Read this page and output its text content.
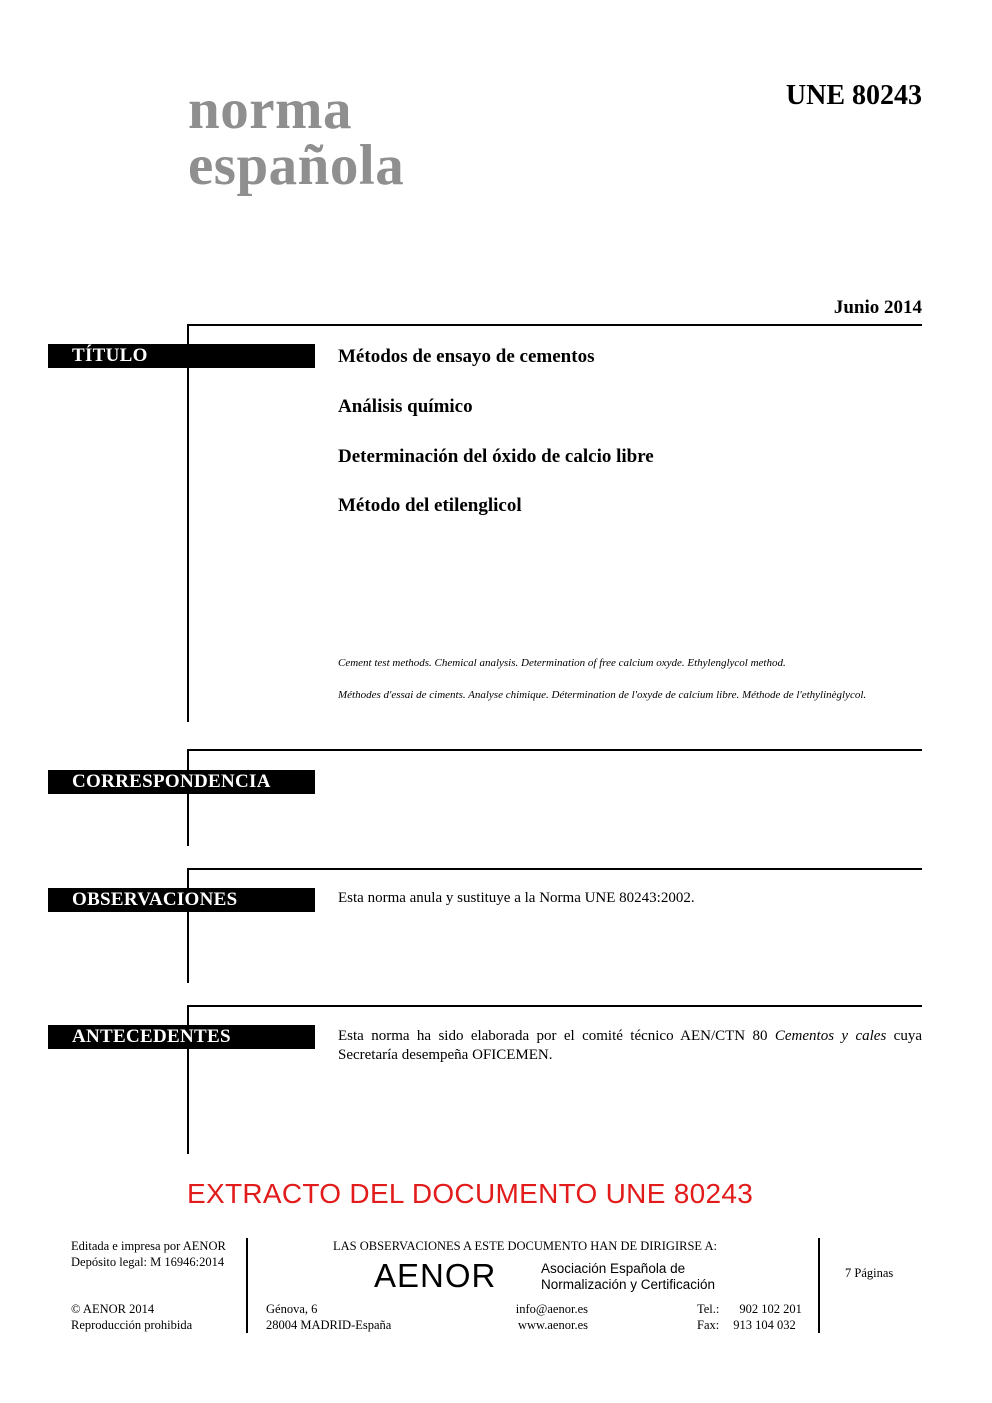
norma
española
UNE 80243
Junio 2014
TÍTULO	Métodos de ensayo de cementos
Análisis químico
Determinación del óxido de calcio libre
Método del etilenglicol
Cement test methods. Chemical analysis. Determination of free calcium oxyde. Ethylenglycol method.
Méthodes d'essai de ciments. Analyse chimique. Détermination de l'oxyde de calcium libre. Méthode de l'ethylinèglycol.
CORRESPONDENCIA
OBSERVACIONES	Esta norma anula y sustituye a la Norma UNE 80243:2002.
ANTECEDENTES	Esta norma ha sido elaborada por el comité técnico AEN/CTN 80 Cementos y cales cuya Secretaría desempeña OFICEMEN.
EXTRACTO DEL DOCUMENTO UNE 80243
Editada e impresa por AENOR
Depósito legal: M 16946:2014
© AENOR 2014
Reproducción prohibida
LAS OBSERVACIONES A ESTE DOCUMENTO HAN DE DIRIGIRSE A:
AENOR	Asociación Española de
Normalización y Certificación
7 Páginas
Génova, 6
28004 MADRID-España
info@aenor.es
www.aenor.es
Tel.: 902 102 201
Fax: 913 104 032
